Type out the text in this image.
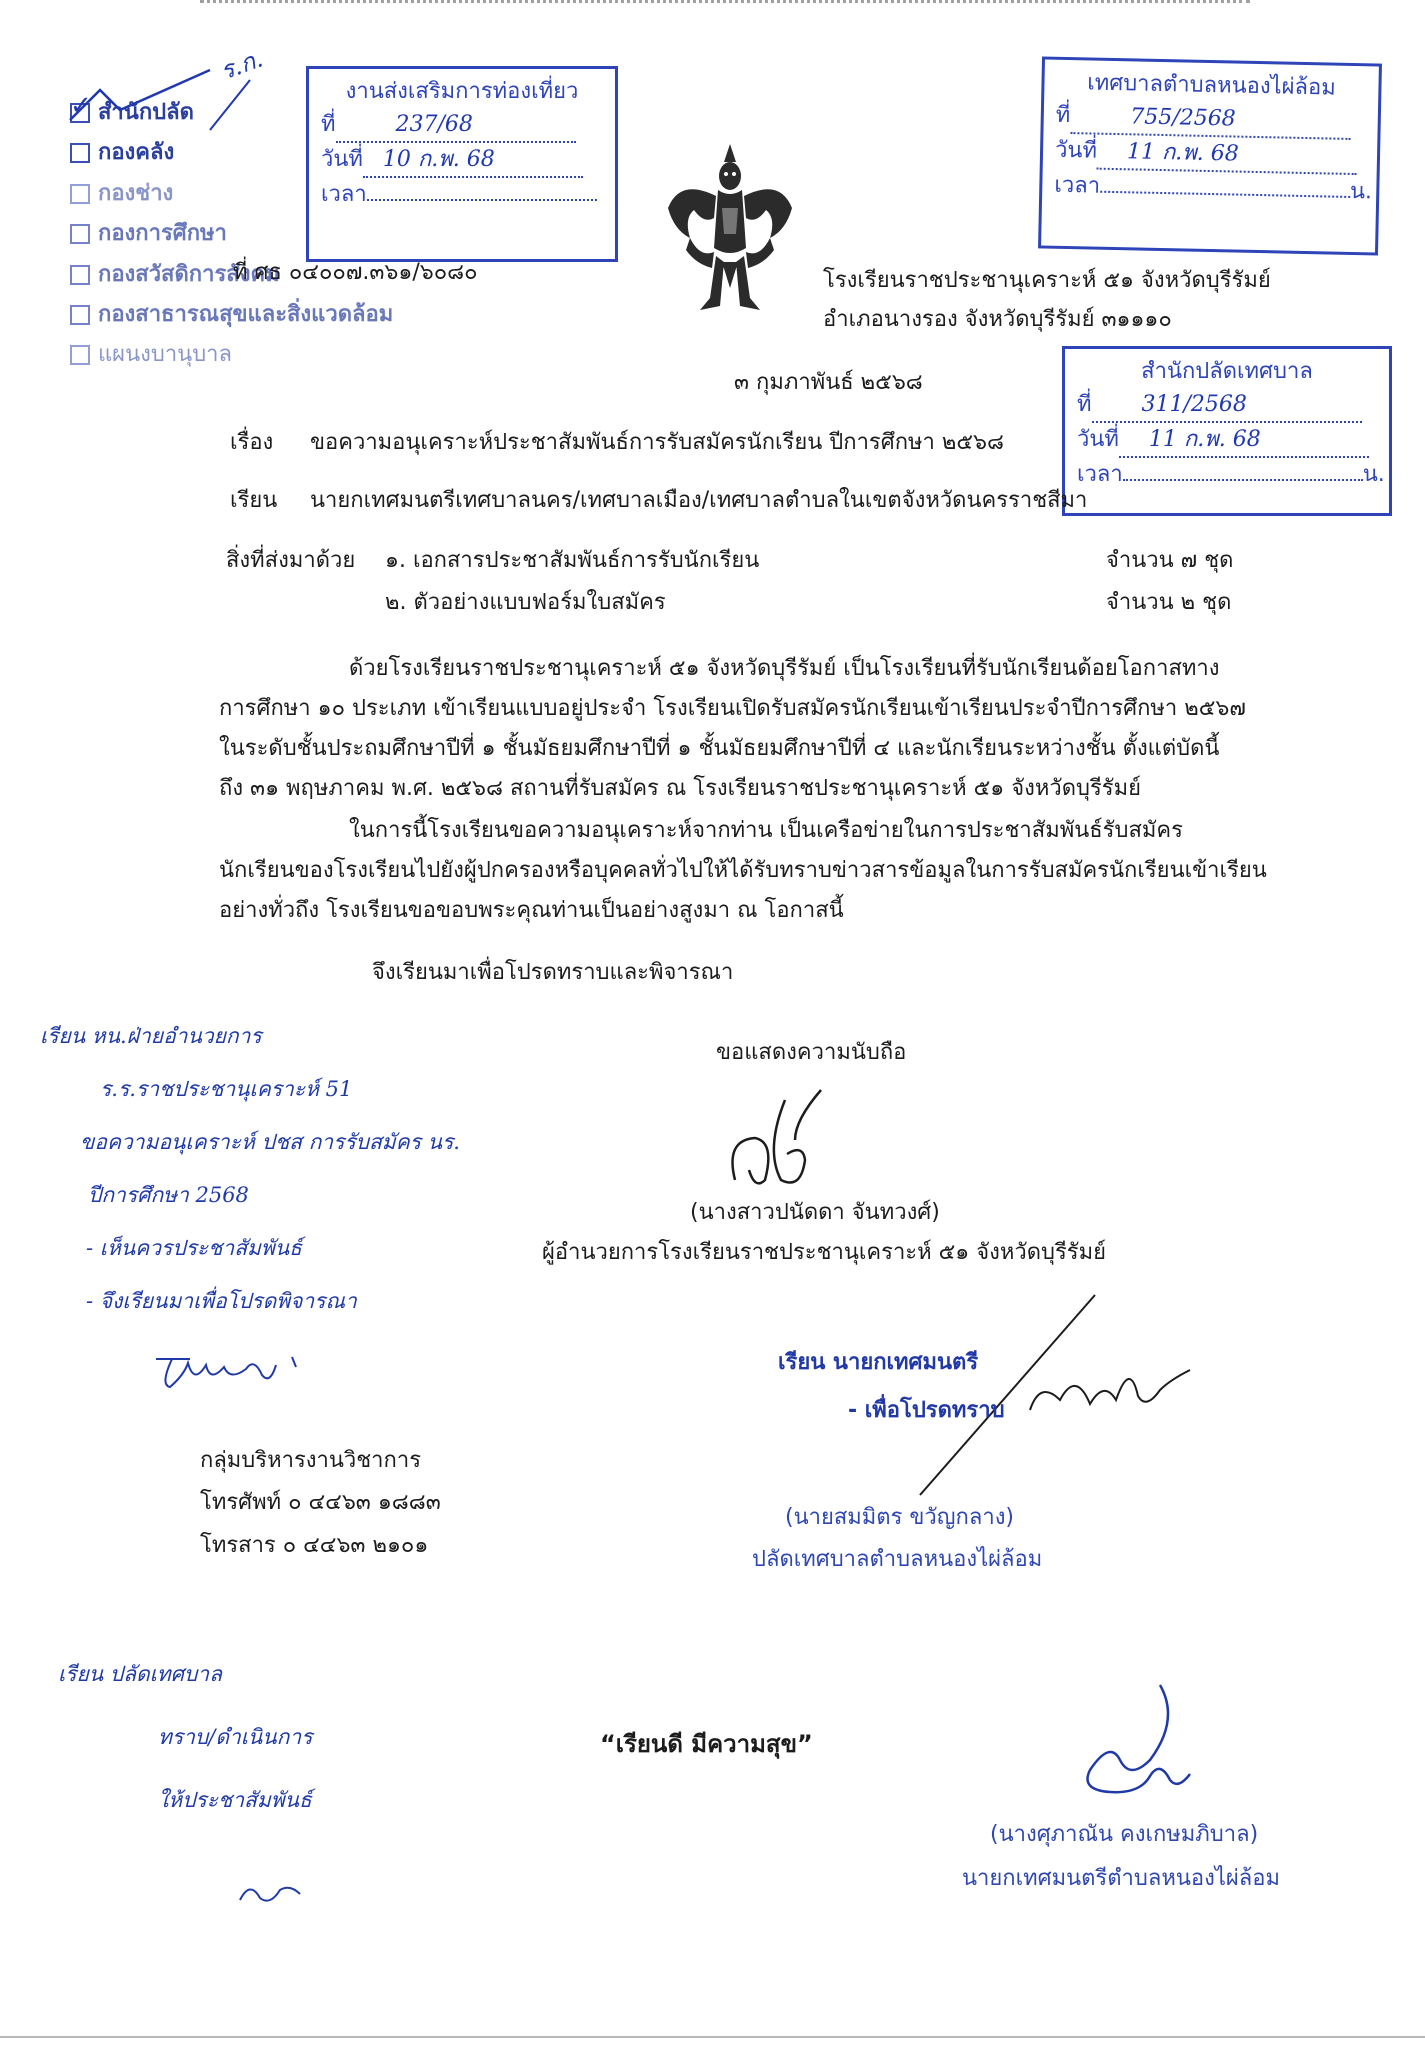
✓ สำนักปลัด
กองคลัง
กองช่าง
กองการศึกษา
กองสวัสดิการสังคม
กองสาธารณสุขและสิ่งแวดล้อม
แผนงบานุบาล
ร.ก.
งานส่งเสริมการท่องเที่ยว
ที่	237/68
วันที่ 10 ก.พ. 68
เวลา
เทศบาลตำบลหนองไผ่ล้อม
ที่	755/2568
วันที่ 11 ก.พ. 68
เวลา	น.
ที่ ศธ ๐๔๐๐๗.๓๖๑/๖๐๘๐	โรงเรียนราชประชานุเคราะห์ ๕๑ จังหวัดบุรีรัมย์
อำเภอนางรอง จังหวัดบุรีรัมย์ ๓๑๑๑๐
๓ กุมภาพันธ์ ๒๕๖๘	สำนักปลัดเทศบาล
ที่ 311/2568
วันที่ 11 ก.พ. 68
เวลา	น.
เรื่อง ขอความอนุเคราะห์ประชาสัมพันธ์การรับสมัครนักเรียน ปีการศึกษา ๒๕๖๘
เรียน นายกเทศมนตรีเทศบาลนคร/เทศบาลเมือง/เทศบาลตำบลในเขตจังหวัดนครราชสีมา
สิ่งที่ส่งมาด้วย ๑. เอกสารประชาสัมพันธ์การรับนักเรียน	จำนวน ๗ ชุด
๒. ตัวอย่างแบบฟอร์มใบสมัคร	จำนวน ๒ ชุด
ด้วยโรงเรียนราชประชานุเคราะห์ ๕๑ จังหวัดบุรีรัมย์ เป็นโรงเรียนที่รับนักเรียนด้อยโอกาสทาง
การศึกษา ๑๐ ประเภท เข้าเรียนแบบอยู่ประจำ โรงเรียนเปิดรับสมัครนักเรียนเข้าเรียนประจำปีการศึกษา ๒๕๖๗
ในระดับชั้นประถมศึกษาปีที่ ๑ ชั้นมัธยมศึกษาปีที่ ๑ ชั้นมัธยมศึกษาปีที่ ๔ และนักเรียนระหว่างชั้น ตั้งแต่บัดนี้
ถึง ๓๑ พฤษภาคม พ.ศ. ๒๕๖๘ สถานที่รับสมัคร ณ โรงเรียนราชประชานุเคราะห์ ๕๑ จังหวัดบุรีรัมย์
ในการนี้โรงเรียนขอความอนุเคราะห์จากท่าน เป็นเครือข่ายในการประชาสัมพันธ์รับสมัคร
นักเรียนของโรงเรียนไปยังผู้ปกครองหรือบุคคลทั่วไปให้ได้รับทราบข่าวสารข้อมูลในการรับสมัครนักเรียนเข้าเรียน
อย่างทั่วถึง โรงเรียนขอขอบพระคุณท่านเป็นอย่างสูงมา ณ โอกาสนี้
จึงเรียนมาเพื่อโปรดทราบและพิจารณา
เรียน หน.ฝ่ายอำนวยการ
ร.ร.ราชประชานุเคราะห์ 51
ขอความอนุเคราะห์ ปชส การรับสมัคร นร.
ปีการศึกษา 2568
- เห็นควรประชาสัมพันธ์
- จึงเรียนมาเพื่อโปรดพิจารณา
ขอแสดงความนับถือ
(นางสาวปนัดดา จันทวงศ์)
ผู้อำนวยการโรงเรียนราชประชานุเคราะห์ ๕๑ จังหวัดบุรีรัมย์
เรียน นายกเทศมนตรี
- เพื่อโปรดทราบ
(นายสมมิตร ขวัญกลาง)
ปลัดเทศบาลตำบลหนองไผ่ล้อม
กลุ่มบริหารงานวิชาการ
โทรศัพท์ ๐ ๔๔๖๓ ๑๘๘๓
โทรสาร ๐ ๔๔๖๓ ๒๑๐๑
เรียน ปลัดเทศบาล
ทราบ/ดำเนินการ
ให้ประชาสัมพันธ์
“เรียนดี มีความสุข”
(นางศุภาณัน คงเกษมภิบาล)
นายกเทศมนตรีตำบลหนองไผ่ล้อม
